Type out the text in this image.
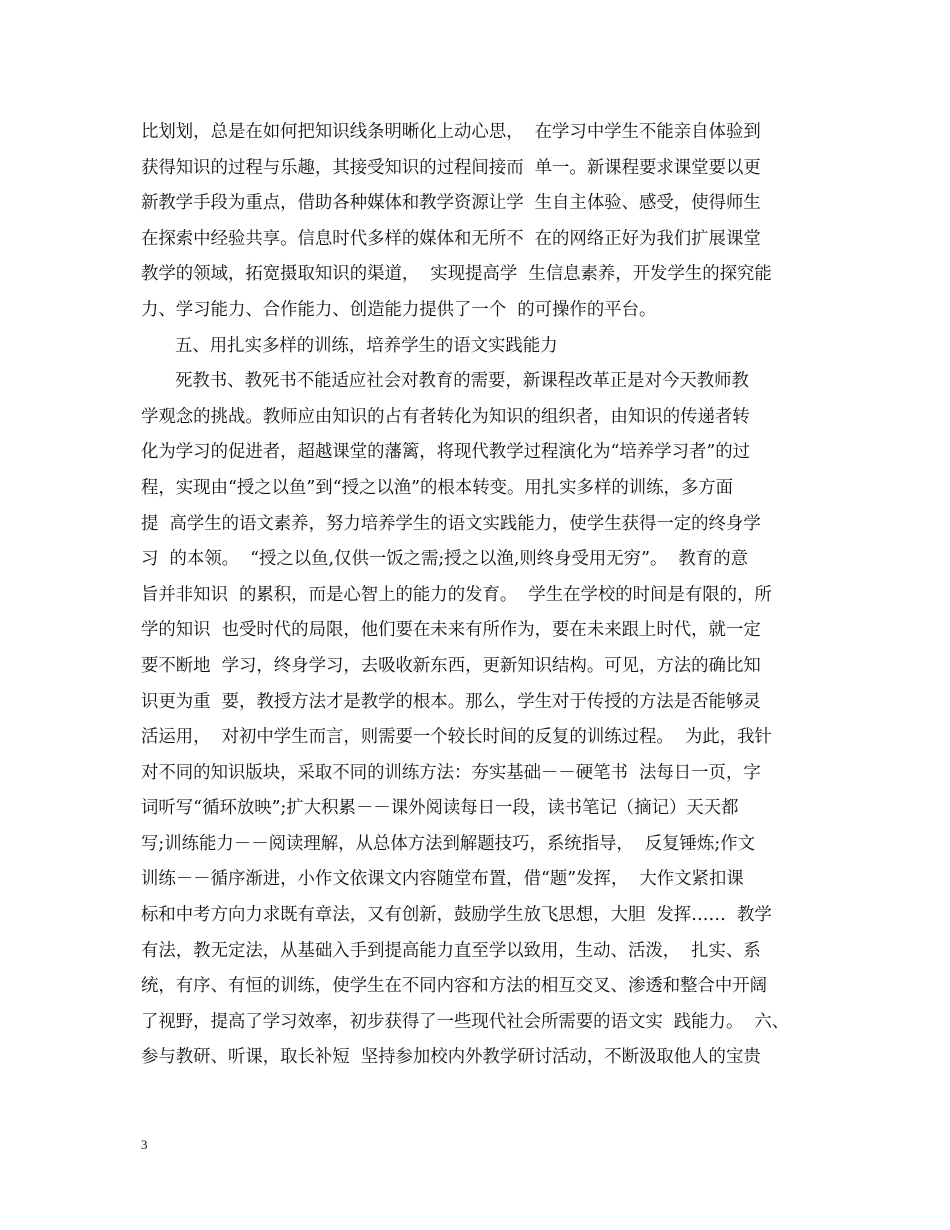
比划划，总是在如何把知识线条明晰化上动心思，  在学习中学生不能亲自体验到
获得知识的过程与乐趣，其接受知识的过程间接而  单一。新课程要求课堂要以更
新教学手段为重点，借助各种媒体和教学资源让学  生自主体验、感受，使得师生
在探索中经验共享。信息时代多样的媒体和无所不  在的网络正好为我们扩展课堂
教学的领域，拓宽摄取知识的渠道，  实现提高学  生信息素养，开发学生的探究能
力、学习能力、合作能力、创造能力提供了一个  的可操作的平台。
五、用扎实多样的训练，培养学生的语文实践能力
死教书、教死书不能适应社会对教育的需要，新课程改革正是对今天教师教
学观念的挑战。教师应由知识的占有者转化为知识的组织者，由知识的传递者转
化为学习的促进者，超越课堂的藩篱，将现代教学过程演化为“培养学习者”的过
程，实现由“授之以鱼”到“授之以渔”的根本转变。用扎实多样的训练，多方面
提  高学生的语文素养，努力培养学生的语文实践能力，使学生获得一定的终身学
习  的本领。  “授之以鱼,仅供一饭之需;授之以渔,则终身受用无穷”。  教育的意
旨并非知识  的累积，而是心智上的能力的发育。  学生在学校的时间是有限的，所
学的知识  也受时代的局限，他们要在未来有所作为，要在未来跟上时代，就一定
要不断地  学习，终身学习，去吸收新东西，更新知识结构。可见，方法的确比知
识更为重  要，教授方法才是教学的根本。那么，学生对于传授的方法是否能够灵
活运用，  对初中学生而言，则需要一个较长时间的反复的训练过程。  为此，我针
对不同的知识版块，采取不同的训练方法：夯实基础－－硬笔书  法每日一页，字
词听写“循环放映”;扩大积累－－课外阅读每日一段，读书笔记（摘记）天天都
写;训练能力－－阅读理解，从总体方法到解题技巧，系统指导，  反复锤炼;作文
训练－－循序渐进，小作文依课文内容随堂布置，借“题”发挥，  大作文紧扣课
标和中考方向力求既有章法，又有创新，鼓励学生放飞思想，大胆  发挥……  教学
有法，教无定法，从基础入手到提高能力直至学以致用，生动、活泼，  扎实、系
统，有序、有恒的训练，使学生在不同内容和方法的相互交叉、渗透和整合中开阔
了视野，提高了学习效率，初步获得了一些现代社会所需要的语文实  践能力。  六、
参与教研、听课，取长补短  坚持参加校内外教学研讨活动，不断汲取他人的宝贵
3
